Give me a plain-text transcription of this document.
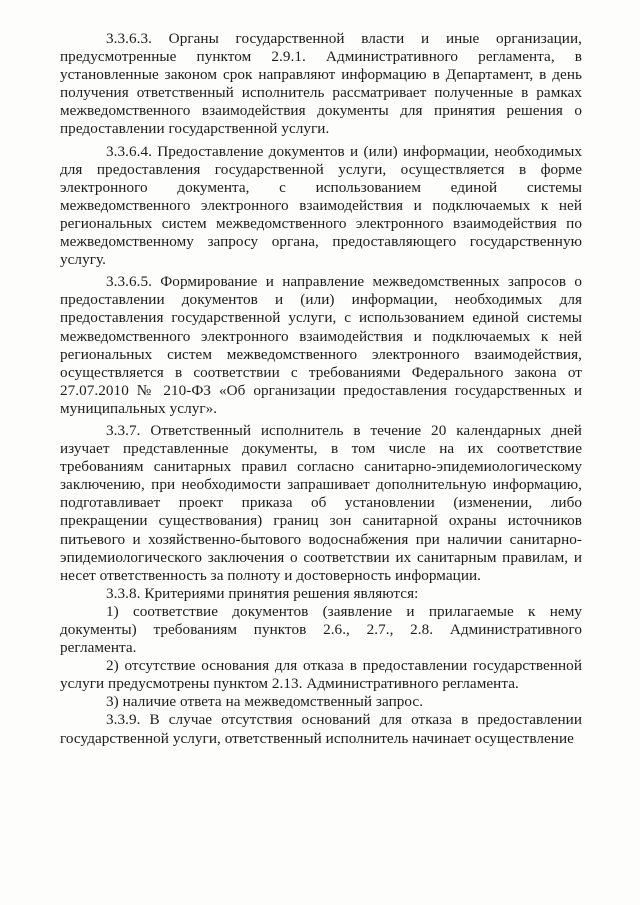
3.3.6.3. Органы государственной власти и иные организации, предусмотренные пунктом 2.9.1. Административного регламента, в установленные законом срок направляют информацию в Департамент, в день получения ответственный исполнитель рассматривает полученные в рамках межведомственного взаимодействия документы для принятия решения о предоставлении государственной услуги.

3.3.6.4. Предоставление документов и (или) информации, необходимых для предоставления государственной услуги, осуществляется в форме электронного документа, с использованием единой системы межведомственного электронного взаимодействия и подключаемых к ней региональных систем межведомственного электронного взаимодействия по межведомственному запросу органа, предоставляющего государственную услугу.

3.3.6.5. Формирование и направление межведомственных запросов о предоставлении документов и (или) информации, необходимых для предоставления государственной услуги, с использованием единой системы межведомственного электронного взаимодействия и подключаемых к ней региональных систем межведомственного электронного взаимодействия, осуществляется в соответствии с требованиями Федерального закона от 27.07.2010 № 210-ФЗ «Об организации предоставления государственных и муниципальных услуг».

3.3.7. Ответственный исполнитель в течение 20 календарных дней изучает представленные документы, в том числе на их соответствие требованиям санитарных правил согласно санитарно-эпидемиологическому заключению, при необходимости запрашивает дополнительную информацию, подготавливает проект приказа об установлении (изменении, либо прекращении существования) границ зон санитарной охраны источников питьевого и хозяйственно-бытового водоснабжения при наличии санитарно-эпидемиологического заключения о соответствии их санитарным правилам, и несет ответственность за полноту и достоверность информации.

3.3.8. Критериями принятия решения являются:

1) соответствие документов (заявление и прилагаемые к нему документы) требованиям пунктов 2.6., 2.7., 2.8. Административного регламента.

2) отсутствие основания для отказа в предоставлении государственной услуги предусмотрены пунктом 2.13. Административного регламента.

3) наличие ответа на межведомственный запрос.

3.3.9. В случае отсутствия оснований для отказа в предоставлении государственной услуги, ответственный исполнитель начинает осуществление
